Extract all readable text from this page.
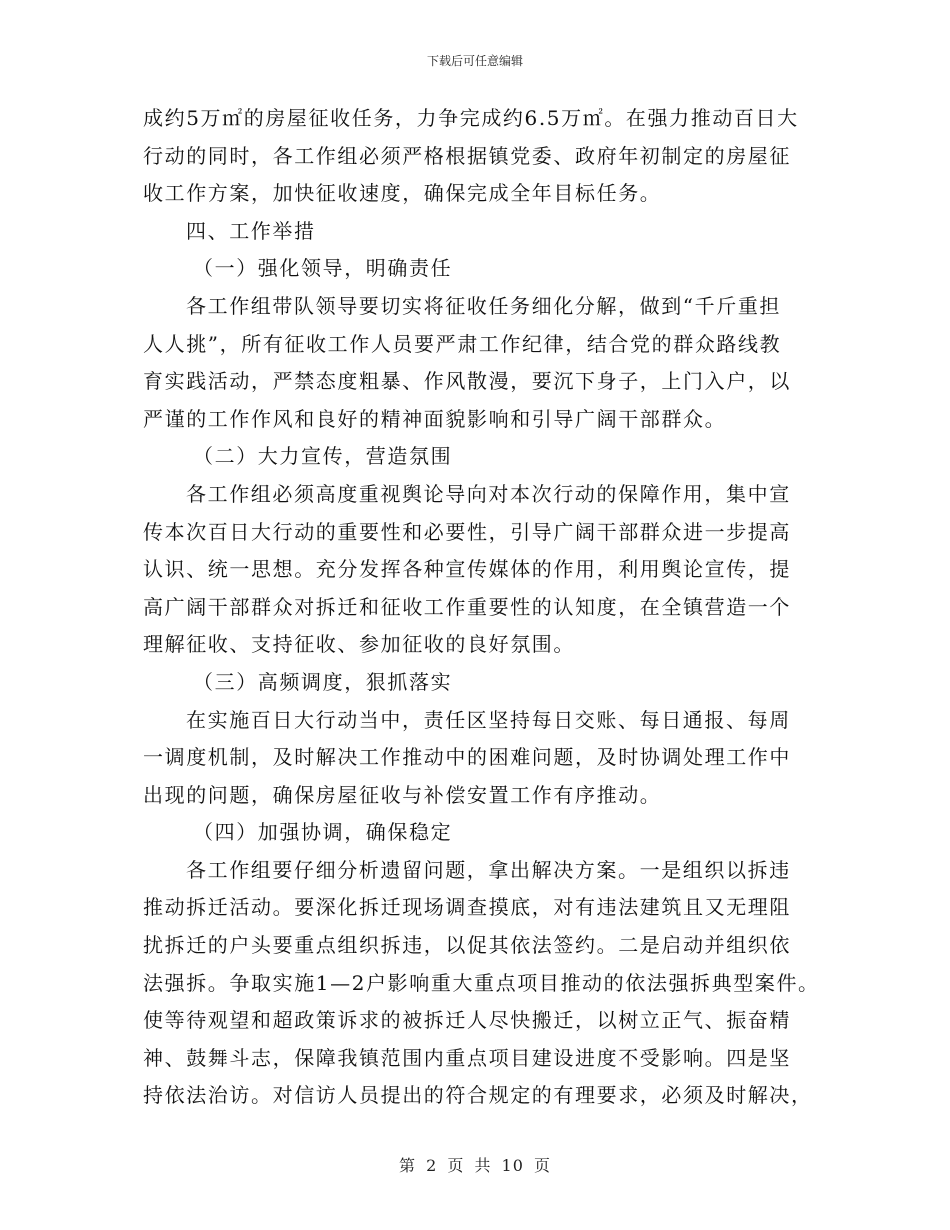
下载后可任意编辑
成约5万㎡的房屋征收任务，力争完成约6.5万㎡。在强力推动百日大
行动的同时，各工作组必须严格根据镇党委、政府年初制定的房屋征
收工作方案，加快征收速度，确保完成全年目标任务。
四、工作举措
（一）强化领导，明确责任
各工作组带队领导要切实将征收任务细化分解，做到“千斤重担
人人挑”，所有征收工作人员要严肃工作纪律，结合党的群众路线教
育实践活动，严禁态度粗暴、作风散漫，要沉下身子，上门入户，以
严谨的工作作风和良好的精神面貌影响和引导广阔干部群众。
（二）大力宣传，营造氛围
各工作组必须高度重视舆论导向对本次行动的保障作用，集中宣
传本次百日大行动的重要性和必要性，引导广阔干部群众进一步提高
认识、统一思想。充分发挥各种宣传媒体的作用，利用舆论宣传，提
高广阔干部群众对拆迁和征收工作重要性的认知度，在全镇营造一个
理解征收、支持征收、参加征收的良好氛围。
（三）高频调度，狠抓落实
在实施百日大行动当中，责任区坚持每日交账、每日通报、每周
一调度机制，及时解决工作推动中的困难问题，及时协调处理工作中
出现的问题，确保房屋征收与补偿安置工作有序推动。
（四）加强协调，确保稳定
各工作组要仔细分析遗留问题，拿出解决方案。一是组织以拆违
推动拆迁活动。要深化拆迁现场调查摸底，对有违法建筑且又无理阻
扰拆迁的户头要重点组织拆违，以促其依法签约。二是启动并组织依
法强拆。争取实施1—2户影响重大重点项目推动的依法强拆典型案件。
使等待观望和超政策诉求的被拆迁人尽快搬迁，以树立正气、振奋精
神、鼓舞斗志，保障我镇范围内重点项目建设进度不受影响。四是坚
持依法治访。对信访人员提出的符合规定的有理要求，必须及时解决，
第 2 页 共 10 页
